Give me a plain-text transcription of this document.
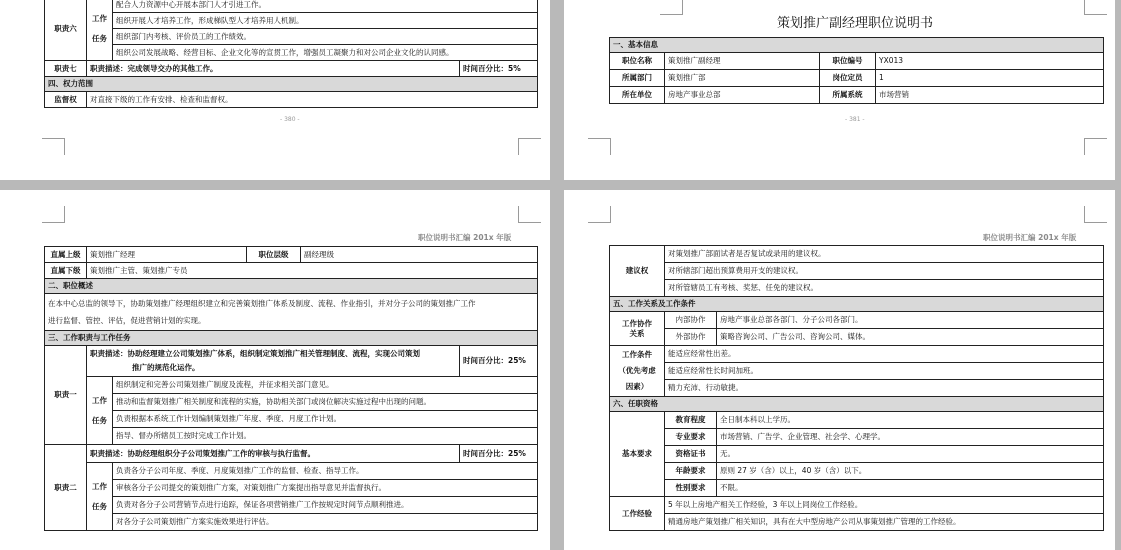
职责六	工作

任务	配合人力资源中心开展本部门人才引进工作。	
		组织开展人才培养工作，形成梯队型人才培养用人机制。	
		组织部门内考核、评价员工的工作绩效。	
		组织公司发展战略、经营目标、企业文化等的宣贯工作，增强员工凝聚力和对公司企业文化的认同感。	
职责七	职责描述：完成领导交办的其他工作。		时间百分比：5%
四、权力范围			
监督权	对直接下级的工作有安排、检查和监督权。		
- 380 -
策划推广副经理职位说明书
一、基本信息			
职位名称	策划推广副经理	职位编号	YX013
所属部门	策划推广部	岗位定员	1
所在单位	房地产事业总部	所属系统	市场营销
- 381 -
职位说明书汇编 201x 年版
直属上级	策划推广经理		职位层级	副经理级	
直属下级	策划推广主管、策划推广专员				
二、职位概述					

在本中心总监的领导下，协助策划推广经理组织建立和完善策划推广体系及制度、流程、作业指引，并对分子公司的策划推广工作
进行监督、管控、评估，促进营销计划的实现。					

三、工作职责与工作任务					
职责一	职责描述：协助经理建立公司策划推广体系，组织制定策划推广相关管理制度、流程，实现公司策划
推广的规范化运作。				时间百分比：25%
	工作

任务	组织制定和完善公司策划推广制度及流程，并征求相关部门意见。			
		推动和监督策划推广相关制度和流程的实施，协助相关部门或岗位解决实施过程中出现的问题。			
		负责根据本系统工作计划编制策划推广年度、季度、月度工作计划。			
		指导、督办所辖员工按时完成工作计划。			
职责二	职责描述：协助经理组织分子公司策划推广工作的审核与执行监督。				时间百分比：25%
	工作

任务	负责各分子公司年度、季度、月度策划推广工作的监督、检查、指导工作。			
		审核各分子公司提交的策划推广方案，对策划推广方案提出指导意见并监督执行。			
		负责对各分子公司营销节点进行追踪，保证各项营销推广工作按规定时间节点顺利推进。			
		对各分子公司策划推广方案实施效果进行评估。			
职位说明书汇编 201x 年版
建议权	对策划推广部面试者是否复试或录用的建议权。	
	对所辖部门超出预算费用开支的建议权。	
	对所管辖员工有考核、奖惩、任免的建议权。	
五、工作关系及工作条件		

工作协作
关系	内部协作	房地产事业总部各部门、分子公司各部门。
	外部协作	策略咨询公司、广告公司、咨询公司、媒体。

工作条件
（优先考虑
因素）	能适应经常性出差。	
	能适应经常性长时间加班。	
	精力充沛、行动敏捷。	
六、任职资格		
基本要求	教育程度	全日制本科以上学历。
	专业要求	市场营销、广告学、企业管理、社会学、心理学。
	资格证书	无。
	年龄要求	原则 27 岁（含）以上，40 岁（含）以下。
	性别要求	不限。
工作经验	5 年以上房地产相关工作经验，3 年以上同岗位工作经验。	
	精通房地产策划推广相关知识，具有在大中型房地产公司从事策划推广管理的工作经验。	
